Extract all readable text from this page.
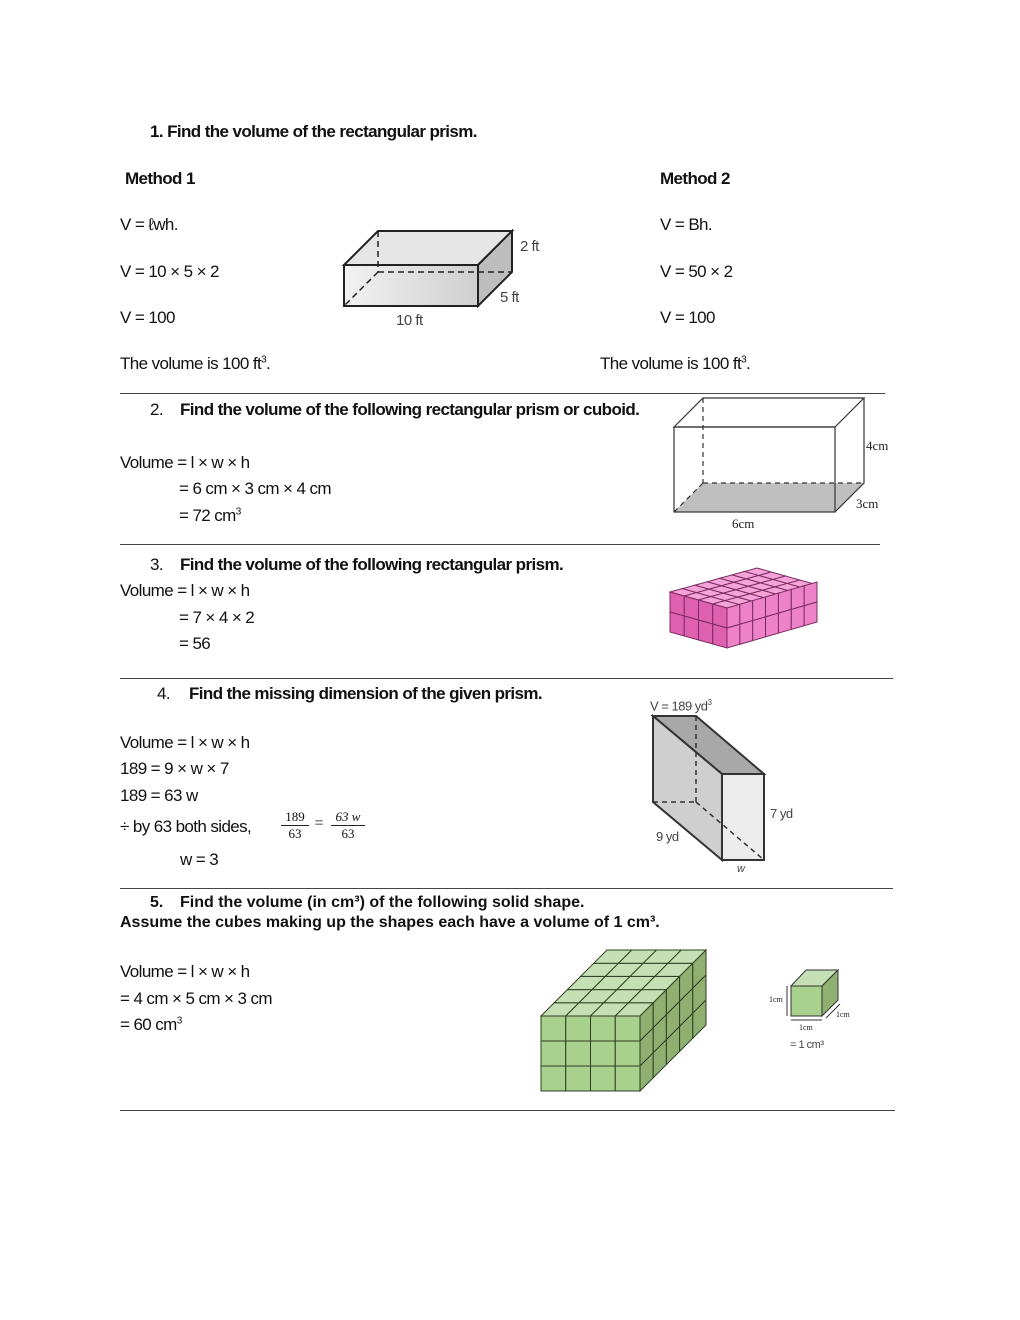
1. Find the volume of the rectangular prism.
Method 1
V = ℓwh.
V = 10 × 5 × 2
V = 100
The volume is 100 $ft^3$.
Method 2
V = Bh.
V = 50 × 2
V = 100
The volume is 100 $ft^3$.
2 ft
5 ft
10 ft
2. Find the volume of the following rectangular prism or cuboid.
Volume = l × w × h
= 6 cm × 3 cm × 4 cm
= 72 $cm^3$
4cm
3cm
6cm
3. Find the volume of the following rectangular prism.
Volume = l × w × h
= 7 × 4 × 2
= 56
4. Find the missing dimension of the given prism.
Volume = l × w × h
189 = 9 × w × 7
189 = 63 w
÷ by 63 both sides,
w = 3
$\frac{189}{63} = \frac{63 w}{63}$
V = 189 $yd^3$
7 yd
9 yd
w
5. Find the volume (in cm³) of the following solid shape.
Assume the cubes making up the shapes each have a volume of 1 cm³.
Volume = l × w × h
= 4 cm × 5 cm × 3 cm
= 60 $cm^3$
1cm
1cm
1cm
= 1 cm³
